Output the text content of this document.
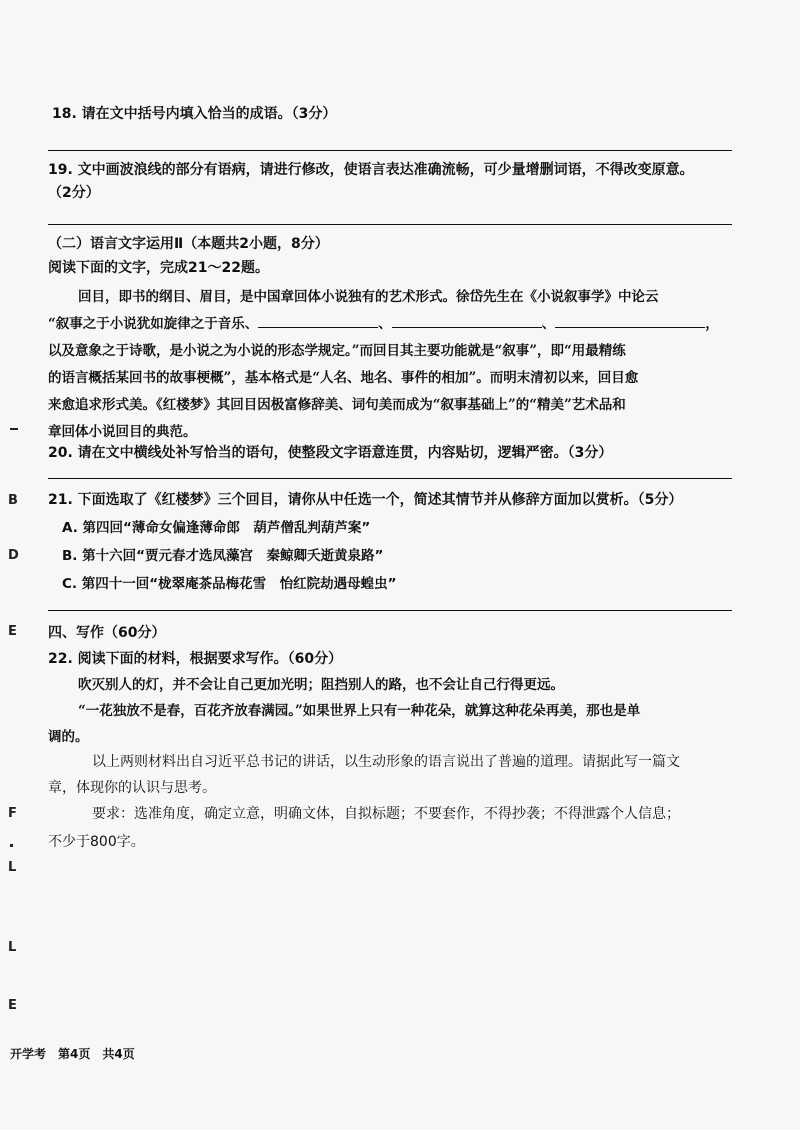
18. 请在文中括号内填入恰当的成语。（3分）
19. 文中画波浪线的部分有语病，请进行修改，使语言表达准确流畅，可少量增删词语，不得改变原意。
（2分）
（二）语言文字运用Ⅱ（本题共2小题，8分）
阅读下面的文字，完成21～22题。
回目，即书的纲目、眉目，是中国章回体小说独有的艺术形式。徐岱先生在《小说叙事学》中论云
“叙事之于小说犹如旋律之于音乐、	、	、	，
以及意象之于诗歌，是小说之为小说的形态学规定。”而回目其主要功能就是“叙事”，即“用最精练
的语言概括某回书的故事梗概”，基本格式是“人名、地名、事件的相加”。而明末清初以来，回目愈
来愈追求形式美。《红楼梦》其回目因极富修辞美、词句美而成为“叙事基础上”的“精美”艺术品和
章回体小说回目的典范。
20. 请在文中横线处补写恰当的语句，使整段文字语意连贯，内容贴切，逻辑严密。（3分）
21. 下面选取了《红楼梦》三个回目，请你从中任选一个，简述其情节并从修辞方面加以赏析。（5分）
A. 第四回“薄命女偏逢薄命郎　葫芦僧乱判葫芦案”
B. 第十六回“贾元春才选凤藻宫　秦鲸卿夭逝黄泉路”
C. 第四十一回“栊翠庵茶品梅花雪　怡红院劫遇母蝗虫”
四、写作（60分）
22. 阅读下面的材料，根据要求写作。（60分）
吹灭别人的灯，并不会让自己更加光明；阻挡别人的路，也不会让自己行得更远。
“一花独放不是春，百花齐放春满园。”如果世界上只有一种花朵，就算这种花朵再美，那也是单
调的。
以上两则材料出自习近平总书记的讲话，以生动形象的语言说出了普遍的道理。请据此写一篇文
章，体现你的认识与思考。
要求：选准角度，确定立意，明确文体，自拟标题；不要套作，不得抄袭；不得泄露个人信息；
不少于800字。
B
D
E
F
L
L
E
开学考　第4页　共4页
